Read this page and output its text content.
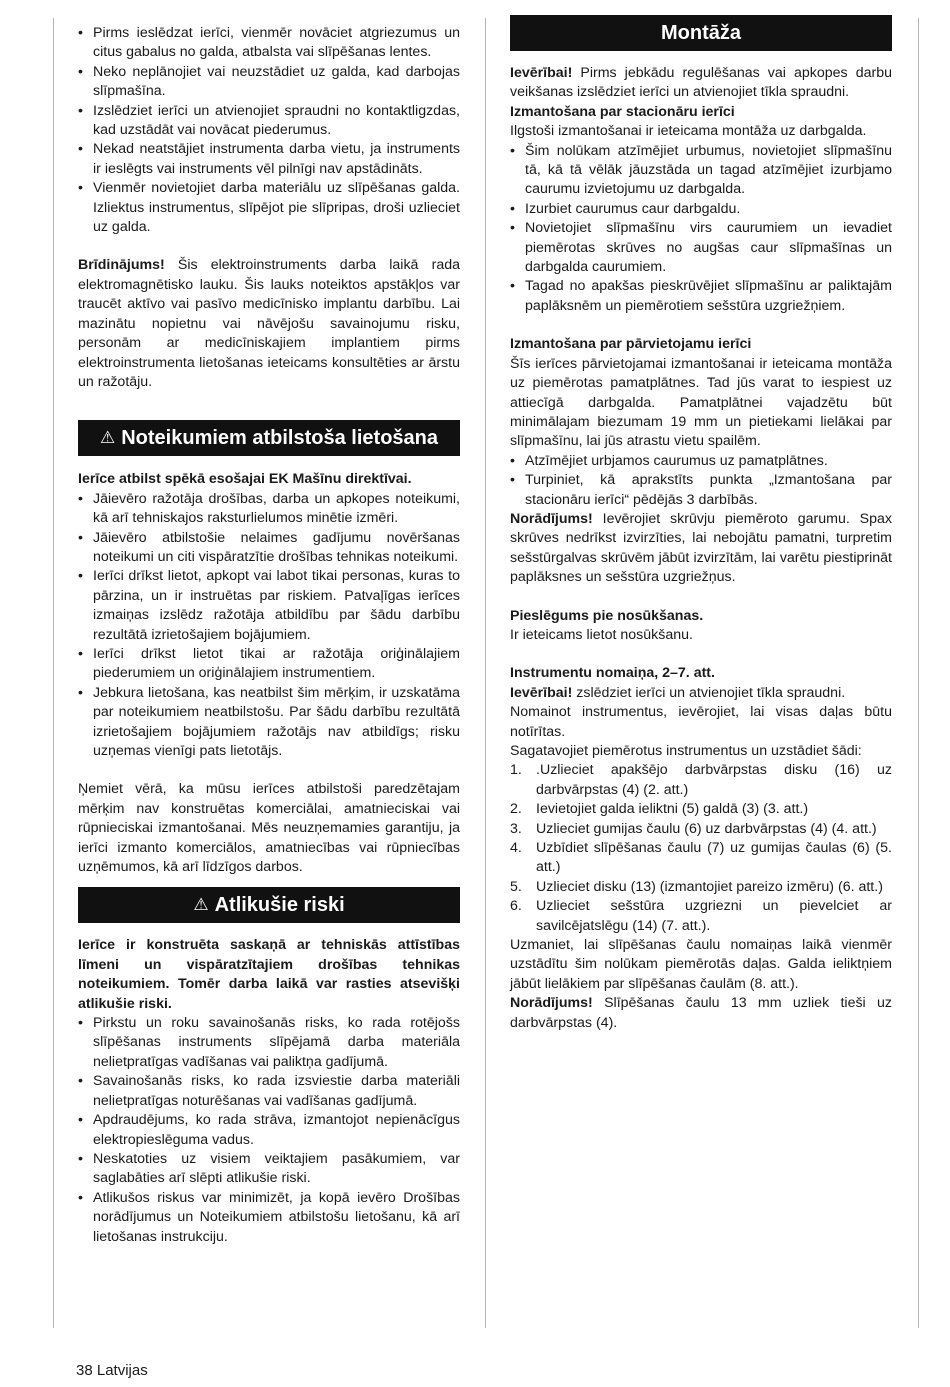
• Pirms ieslēdzat ierīci, vienmēr novāciet atgriezumus un citus gabalus no galda, atbalsta vai slīpēšanas lentes.
• Neko neplānojiet vai neuzstādiet uz galda, kad darbojas slīpmašīna.
• Izslēdziet ierīci un atvienojiet spraudni no kontaktligzdas, kad uzstādāt vai novācat piederumus.
• Nekad neatstājiet instrumenta darba vietu, ja instruments ir ieslēgts vai instruments vēl pilnīgi nav apstādināts.
• Vienmēr novietojiet darba materiālu uz slīpēšanas galda. Izliektus instrumentus, slīpējot pie slīpripas, droši uzlieciet uz galda.

Brīdinājums! Šis elektroinstruments darba laikā rada elektromagnētisko lauku. Šis lauks noteiktos apstākļos var traucēt aktīvo vai pasīvo medicīnisko implantu darbību. Lai mazinātu nopietnu vai nāvējošu savainojumu risku, personām ar medicīniskajiem implantiem pirms elektroinstrumenta lietošanas ieteicams konsultēties ar ārstu un ražotāju.

⚠ Noteikumiem atbilstoša lietošana

Ierīce atbilst spēkā esošajai EK Mašīnu direktīvai.

• Jāievēro ražotāja drošības, darba un apkopes noteikumi, kā arī tehniskajos raksturlielumos minētie izmēri.
• Jāievēro atbilstošie nelaimes gadījumu novēršanas noteikumi un citi vispāratzītie drošības tehnikas noteikumi.
• Ierīci drīkst lietot, apkopt vai labot tikai personas, kuras to pārzina, un ir instruētas par riskiem. Patvaļīgas ierīces izmaiņas izslēdz ražotāja atbildību par šādu darbību rezultātā izrietošajiem bojājumiem.
• Ierīci drīkst lietot tikai ar ražotāja oriģinālajiem piederumiem un oriģinālajiem instrumentiem.
• Jebkura lietošana, kas neatbilst šim mērķim, ir uzskatāma par noteikumiem neatbilstošu. Par šādu darbību rezultātā izrietošajiem bojājumiem ražotājs nav atbildīgs; risku uzņemas vienīgi pats lietotājs.

Ņemiet vērā, ka mūsu ierīces atbilstoši paredzētajam mērķim nav konstruētas komerciālai, amatnieciskai vai rūpnieciskai izmantošanai. Mēs neuzņemamies garantiju, ja ierīci izmanto komerciālos, amatniecības vai rūpniecības uzņēmumos, kā arī līdzīgos darbos.

⚠ Atlikušie riski

Ierīce ir konstruēta saskaņā ar tehniskās attīstības līmeni un vispāratzītajiem drošības tehnikas noteikumiem. Tomēr darba laikā var rasties atsevišķi atlikušie riski.

• Pirkstu un roku savainošanās risks, ko rada rotējošs slīpēšanas instruments slīpējamā darba materiāla nelietpratīgas vadīšanas vai paliktņa gadījumā.
• Savainošanās risks, ko rada izsviestie darba materiāli nelietpratīgas noturēšanas vai vadīšanas gadījumā.
• Apdraudējums, ko rada strāva, izmantojot nepienācīgus elektropieslēguma vadus.
• Neskatoties uz visiem veiktajiem pasākumiem, var saglabāties arī slēpti atlikušie riski.
• Atlikušos riskus var minimizēt, ja kopā ievēro Drošības norādījumus un Noteikumiem atbilstošu lietošanu, kā arī lietošanas instrukciju.
Montāža

Ievērībai! Pirms jebkādu regulēšanas vai apkopes darbu veikšanas izslēdziet ierīci un atvienojiet tīkla spraudni.

Izmantošana par stacionāru ierīci

Ilgstoši izmantošanai ir ieteicama montāža uz darbgalda.

• Šim nolūkam atzīmējiet urbumus, novietojiet slīpmašīnu tā, kā tā vēlāk jāuzstāda un tagad atzīmējiet izurbjamo caurumu izvietojumu uz darbgalda.
• Izurbiet caurumus caur darbgaldu.
• Novietojiet slīpmašīnu virs caurumiem un ievadiet piemērotas skrūves no augšas caur slīpmašīnas un darbgalda caurumiem.
• Tagad no apakšas pieskrūvējiet slīpmašīnu ar paliktajām paplāksnēm un piemērotiem sešstūra uzgriežņiem.

Izmantošana par pārvietojamu ierīci

Šīs ierīces pārvietojamai izmantošanai ir ieteicama montāža uz piemērotas pamatplātnes. Tad jūs varat to iespiest uz attiecīgā darbgalda. Pamatplātnei vajadzētu būt minimālajam biezumam 19 mm un pietiekami lielākai par slīpmašīnu, lai jūs atrastu vietu spailēm.

• Atzīmējiet urbjamos caurumus uz pamatplātnes.
• Turpiniet, kā aprakstīts punkta „Izmantošana par stacionāru ierīci“ pēdējās 3 darbībās.

Norādījums! Ievērojiet skrūvju piemēroto garumu. Spax skrūves nedrīkst izvirzīties, lai nebojātu pamatni, turpretim sešstūrgalvas skrūvēm jābūt izvirzītām, lai varētu piestiprināt paplāksnes un sešstūra uzgriežņus.

Pieslēgums pie nosūkšanas.

Ir ieteicams lietot nosūkšanu.

Instrumentu nomaiņa, 2–7. att.

Ievērībai! zslēdziet ierīci un atvienojiet tīkla spraudni.

Nomainot instrumentus, ievērojiet, lai visas daļas būtu notīrītas.

Sagatavojiet piemērotus instrumentus un uzstādiet šādi:

1. .Uzlieciet apakšējo darbvārpstas disku (16) uz darbvārpstas (4) (2. att.)
2. Ievietojiet galda ieliktni (5) galdā (3) (3. att.)
3. Uzlieciet gumijas čaulu (6) uz darbvārpstas (4) (4. att.)
4. Uzbīdiet slīpēšanas čaulu (7) uz gumijas čaulas (6) (5. att.)
5. Uzlieciet disku (13) (izmantojiet pareizo izmēru) (6. att.)
6. Uzlieciet sešstūra uzgriezni un pievelciet ar savilcējatslēgu (14) (7. att.).

Uzmaniet, lai slīpēšanas čaulu nomaiņas laikā vienmēr uzstādītu šim nolūkam piemērotās daļas. Galda ieliktņiem jābūt lielākiem par slīpēšanas čaulām (8. att.).

Norādījums! Slīpēšanas čaulu 13 mm uzliek tieši uz darbvārpstas (4).

38 Latvijas
